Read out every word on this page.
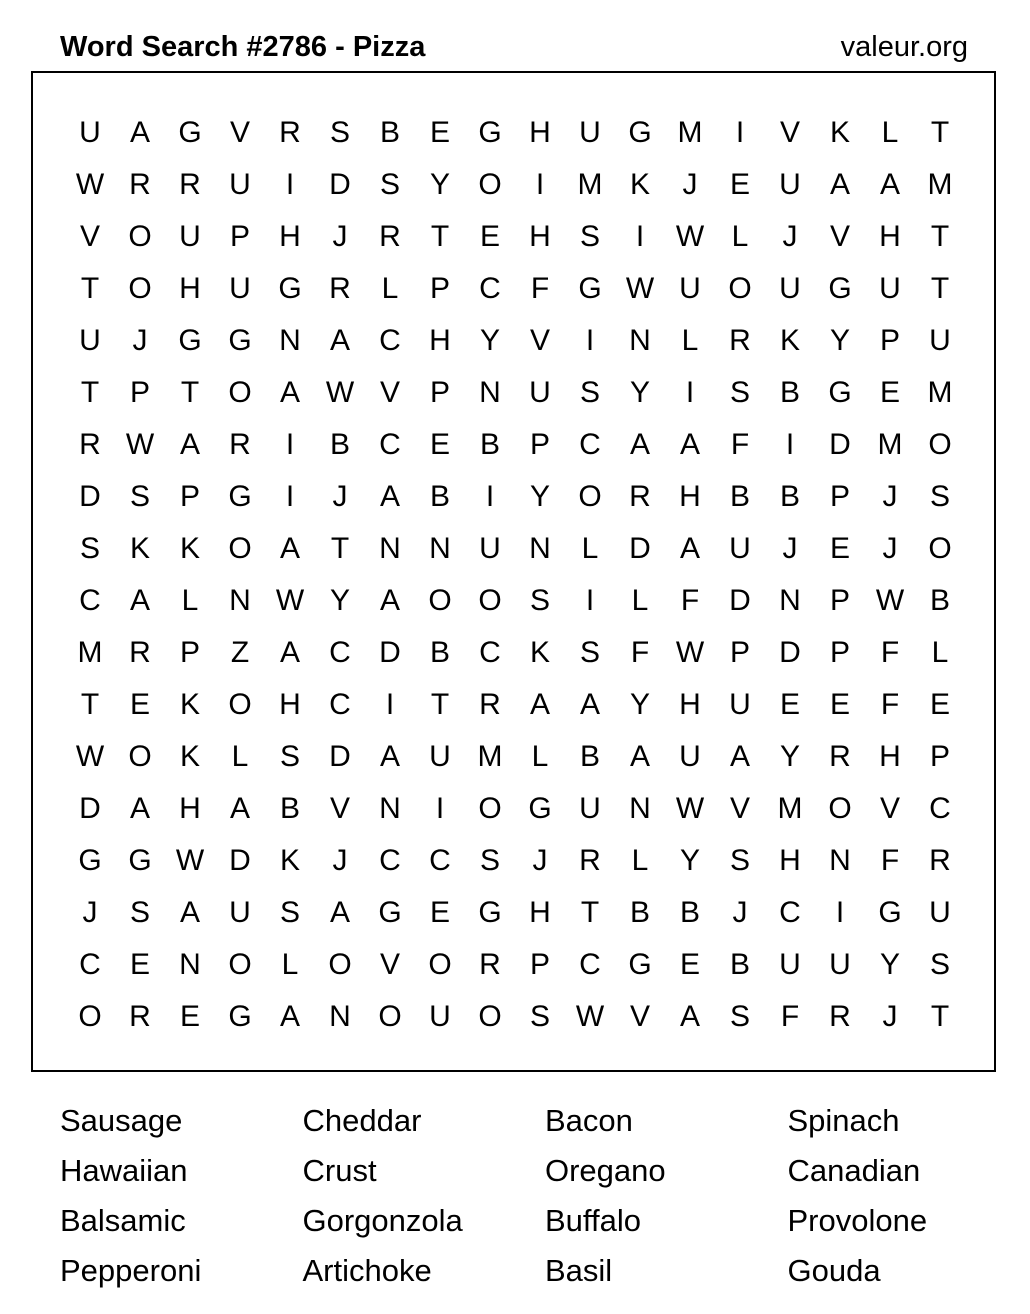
Word Search #2786 - Pizza	valeur.org
U A G V R S B E G H U G M	I	V K	L	T
W R R U	I	D S Y O	I	M K	J	E U A A M
V O U P H	J	R	T	E H S	I	W L	J	V H	T
T O H U G R	L	P C	F G W U O U G U	T
U	J	G G N A C H Y V	I	N	L	R K Y P U
T	P	T O A W V P N U S Y	I	S B G E M
R W A R	I	B C E B P C A A	F	I	D M O
D S P G	I	J	A B	I	Y O R H B B P	J	S
S K K O A	T	N N U N	L	D A U	J	E	J	O
C A	L	N W Y A O O S	I	L	F	D N P W B
M R P	Z	A C D B C K S	F W P D P	F	L
T	E K O H C	I	T	R A A Y H U E E	F	E
W O K	L	S D A U M L	B A U A Y R H P
D A H A B V N	I	O G U N W V M O V C
G G W D K	J	C C S	J	R	L	Y S H N	F	R
J	S A U S A G E G H	T	B B	J	C	I	G U
C E N O L O V O R P C G E B U U Y S
O R E G A N O U O S W V A S	F	R	J	T
Sausage	Cheddar	Bacon	Spinach
Hawaiian	Crust	Oregano	Canadian
Balsamic	Gorgonzola	Buffalo	Provolone
Pepperoni	Artichoke	Basil	Gouda
